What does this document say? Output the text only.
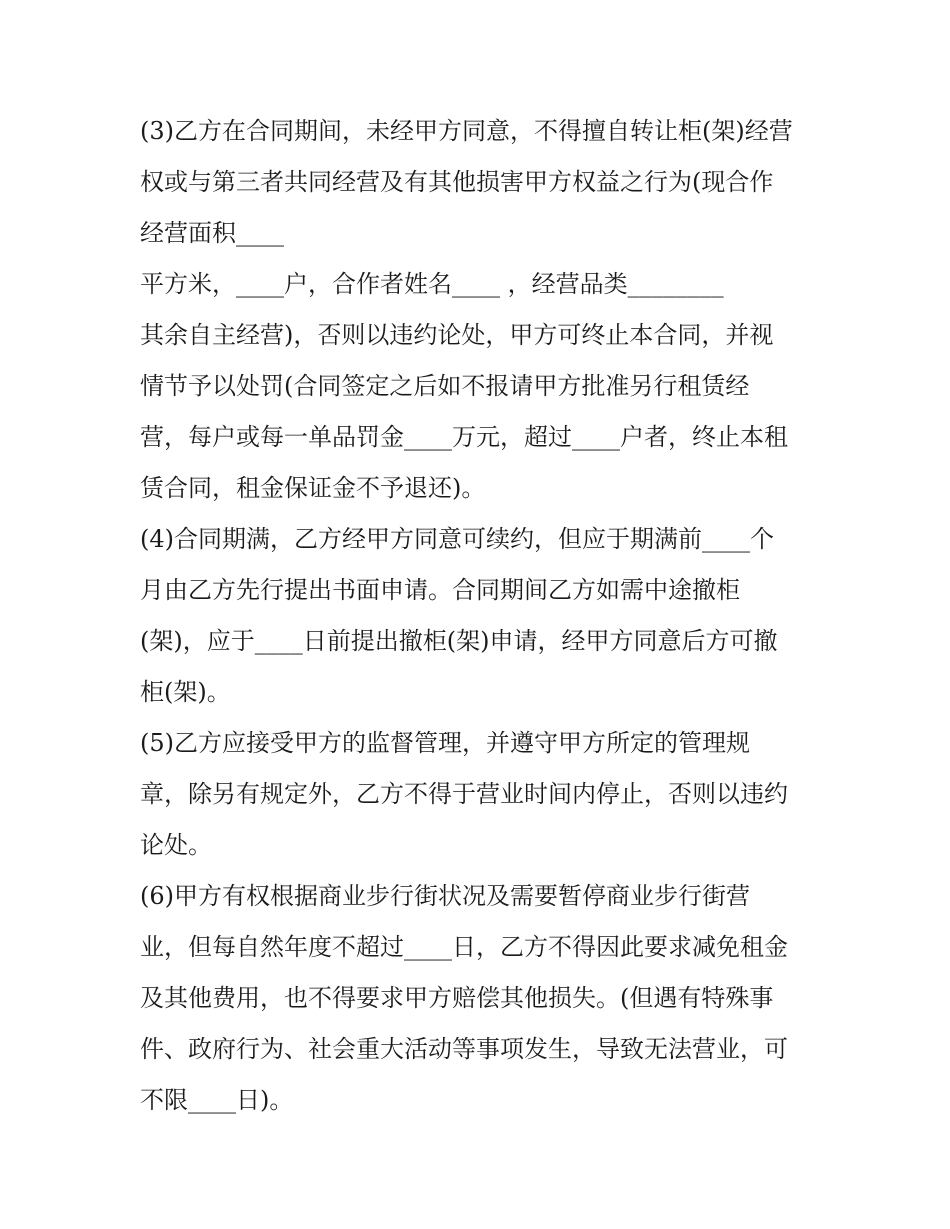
(3)乙方在合同期间，未经甲方同意，不得擅自转让柜(架)经营
权或与第三者共同经营及有其他损害甲方权益之行为(现合作
经营面积____
平方米，____户，合作者姓名____ ，经营品类________
其余自主经营)，否则以违约论处，甲方可终止本合同，并视
情节予以处罚(合同签定之后如不报请甲方批准另行租赁经
营，每户或每一单品罚金____万元，超过____户者，终止本租
赁合同，租金保证金不予退还)。
(4)合同期满，乙方经甲方同意可续约，但应于期满前____个
月由乙方先行提出书面申请。合同期间乙方如需中途撤柜
(架)，应于____日前提出撤柜(架)申请，经甲方同意后方可撤
柜(架)。
(5)乙方应接受甲方的监督管理，并遵守甲方所定的管理规
章，除另有规定外，乙方不得于营业时间内停止，否则以违约
论处。
(6)甲方有权根据商业步行街状况及需要暂停商业步行街营
业，但每自然年度不超过____日，乙方不得因此要求减免租金
及其他费用，也不得要求甲方赔偿其他损失。(但遇有特殊事
件、政府行为、社会重大活动等事项发生，导致无法营业，可
不限____日)。
